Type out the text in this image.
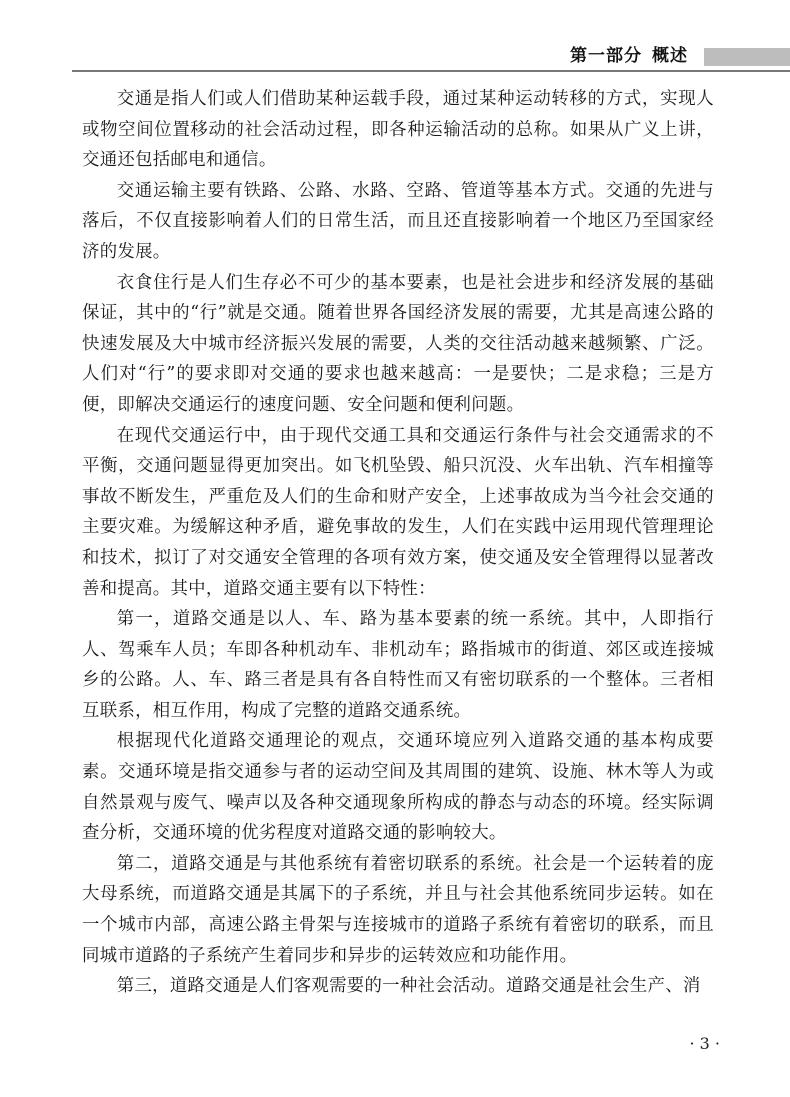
第一部分 概述

交通是指人们或人们借助某种运载手段，通过某种运动转移的方式，实现人或物空间位置移动的社会活动过程，即各种运输活动的总称。如果从广义上讲，交通还包括邮电和通信。

交通运输主要有铁路、公路、水路、空路、管道等基本方式。交通的先进与落后，不仅直接影响着人们的日常生活，而且还直接影响着一个地区乃至国家经济的发展。

衣食住行是人们生存必不可少的基本要素，也是社会进步和经济发展的基础保证，其中的“行”就是交通。随着世界各国经济发展的需要，尤其是高速公路的快速发展及大中城市经济振兴发展的需要，人类的交往活动越来越频繁、广泛。人们对“行”的要求即对交通的要求也越来越高：一是要快；二是求稳；三是方便，即解决交通运行的速度问题、安全问题和便利问题。

在现代交通运行中，由于现代交通工具和交通运行条件与社会交通需求的不平衡，交通问题显得更加突出。如飞机坠毁、船只沉没、火车出轨、汽车相撞等事故不断发生，严重危及人们的生命和财产安全，上述事故成为当今社会交通的主要灾难。为缓解这种矛盾，避免事故的发生，人们在实践中运用现代管理理论和技术，拟订了对交通安全管理的各项有效方案，使交通及安全管理得以显著改善和提高。其中，道路交通主要有以下特性：

第一，道路交通是以人、车、路为基本要素的统一系统。其中，人即指行人、驾乘车人员；车即各种机动车、非机动车；路指城市的街道、郊区或连接城乡的公路。人、车、路三者是具有各自特性而又有密切联系的一个整体。三者相互联系，相互作用，构成了完整的道路交通系统。

根据现代化道路交通理论的观点，交通环境应列入道路交通的基本构成要素。交通环境是指交通参与者的运动空间及其周围的建筑、设施、林木等人为或自然景观与废气、噪声以及各种交通现象所构成的静态与动态的环境。经实际调查分析，交通环境的优劣程度对道路交通的影响较大。

第二，道路交通是与其他系统有着密切联系的系统。社会是一个运转着的庞大母系统，而道路交通是其属下的子系统，并且与社会其他系统同步运转。如在一个城市内部，高速公路主骨架与连接城市的道路子系统有着密切的联系，而且同城市道路的子系统产生着同步和异步的运转效应和功能作用。

第三，道路交通是人们客观需要的一种社会活动。道路交通是社会生产、消

· 3 ·
